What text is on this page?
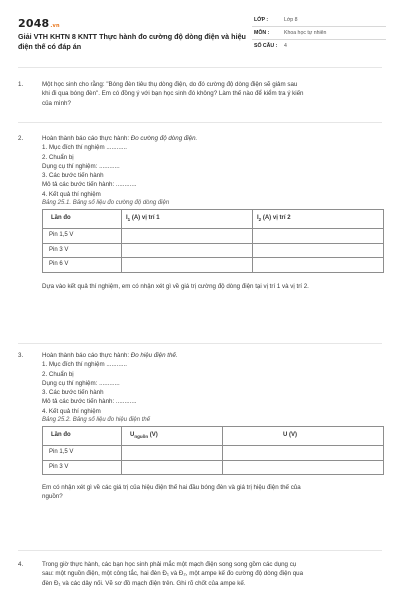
2048.vn
Giải VTH KHTN 8 KNTT Thực hành đo cường độ dòng điện và hiệu điện thế có đáp án
LỚP :	Lớp 8
MÔN :	Khoa học tự nhiên
SỐ CÂU : 4
1.	Một học sinh cho rằng: "Bóng đèn tiêu thụ dòng điện, do đó cường độ dòng điện sẽ giảm sau
khi đi qua bóng đèn". Em có đồng ý với bạn học sinh đó không? Làm thế nào để kiểm tra ý kiến
của mình?
2.	Hoàn thành báo cáo thực hành: Đo cường độ dòng điện.
1. Mục đích thí nghiệm ............
2. Chuẩn bị
Dụng cụ thí nghiệm: ............
3. Các bước tiến hành
Mô tả các bước tiến hành: ............
4. Kết quả thí nghiệm
Bảng 25.1. Bảng số liệu đo cường độ dòng điện
Lần đo	$I_1$ (A) vị trí 1	$I_2$ (A) vị trí 2
Pin 1,5 V		
Pin 3 V		
Pin 6 V		
Dựa vào kết quả thí nghiệm, em có nhận xét gì về giá trị cường độ dòng điện tại vị trí 1 và vị trí 2.
3.	Hoàn thành báo cáo thực hành: Đo hiệu điện thế.
1. Mục đích thí nghiệm ............
2. Chuẩn bị
Dụng cụ thí nghiệm: ............
3. Các bước tiến hành
Mô tả các bước tiến hành: ............
4. Kết quả thí nghiệm
Bảng 25.2. Bảng số liệu đo hiệu điện thế
Lần đo	$U_{nguồn}$ (V)	U (V)
Pin 1,5 V		
Pin 3 V		
Em có nhận xét gì về các giá trị của hiệu điện thế hai đầu bóng đèn và giá trị hiệu điện thế của
nguồn?
4.	Trong giờ thực hành, các bạn học sinh phải mắc một mạch điện song song gồm các dụng cụ
sau: một nguồn điện, một công tắc, hai đèn Đ₁ và Đ₂, một ampe kế đo cường độ dòng điện qua
đèn Đ₁ và các dây nối. Vẽ sơ đồ mạch điện trên. Ghi rõ chốt của ampe kế.
